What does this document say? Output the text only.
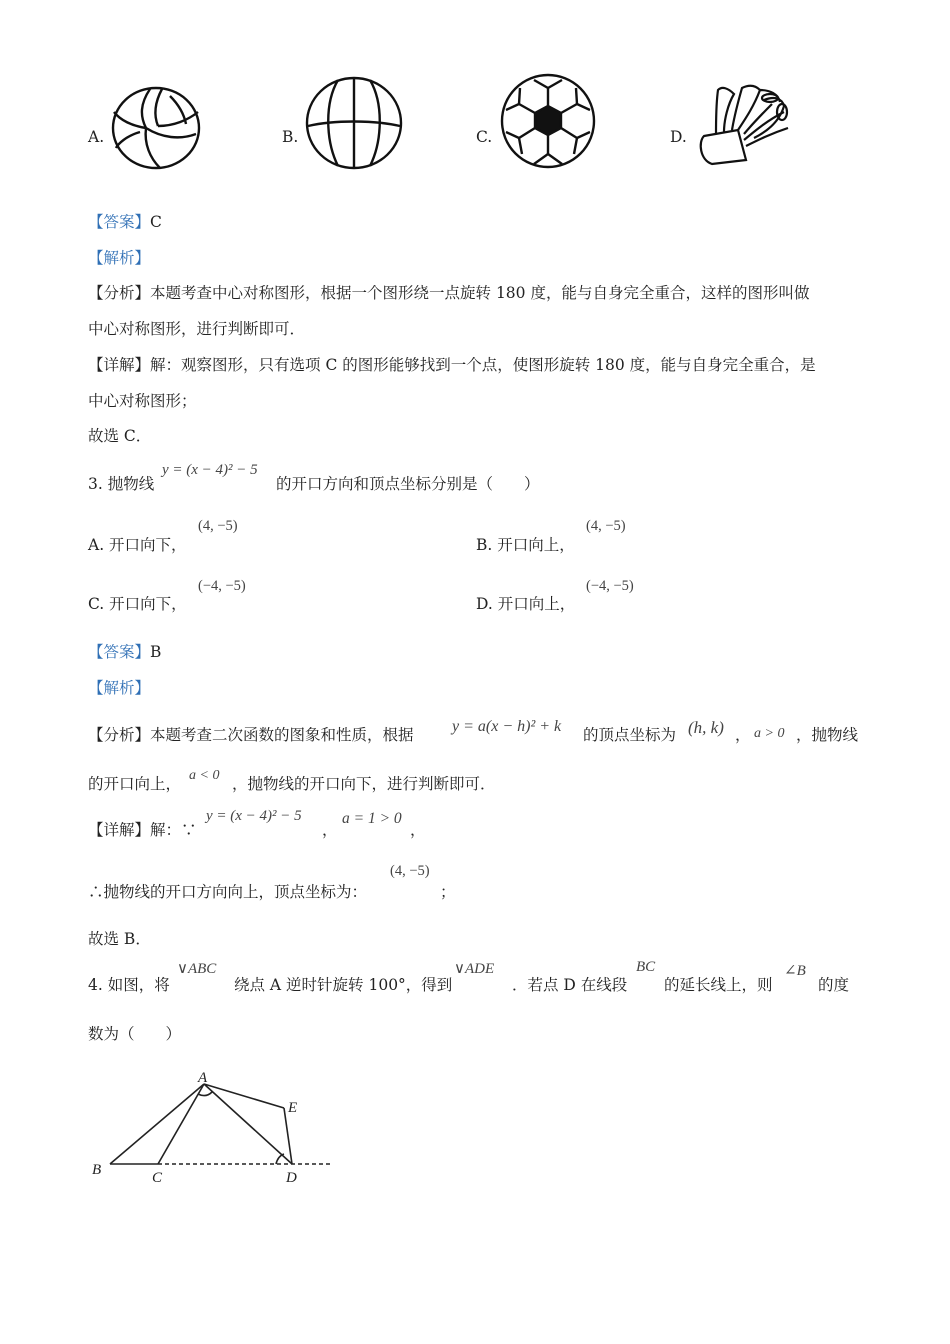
A.	B.	C.	D.
【答案】C
【解析】
【分析】本题考查中心对称图形，根据一个图形绕一点旋转 180 度，能与自身完全重合，这样的图形叫做
中心对称图形，进行判断即可．
【详解】解：观察图形，只有选项 C 的图形能够找到一个点，使图形旋转 180 度，能与自身完全重合，是
中心对称图形；
故选 C．
3. 抛物线
y = (x − 4)² − 5
的开口方向和顶点坐标分别是（　　）
A. 开口向下，
(4, −5)
B. 开口向上，
(4, −5)
C. 开口向下，
(−4, −5)
D. 开口向上，
(−4, −5)
【答案】B
【解析】
【分析】本题考查二次函数的图象和性质，根据 y = a(x − h)² + k 的顶点坐标为 (h, k) ， a > 0 ，抛物线
的开口向上， a < 0 ，抛物线的开口向下，进行判断即可．
【详解】解：∵
y = (x − 4)² − 5
，
a = 1 > 0
，
∴抛物线的开口方向向上，顶点坐标为：
(4, −5)
；
故选 B．
4. 如图，将
∨ABC
绕点 A 逆时针旋转 100°，得到
∨ADE
．若点 D 在线段
BC
的延长线上，则
∠B
的度
数为（　　）
A
B	C	D
E
